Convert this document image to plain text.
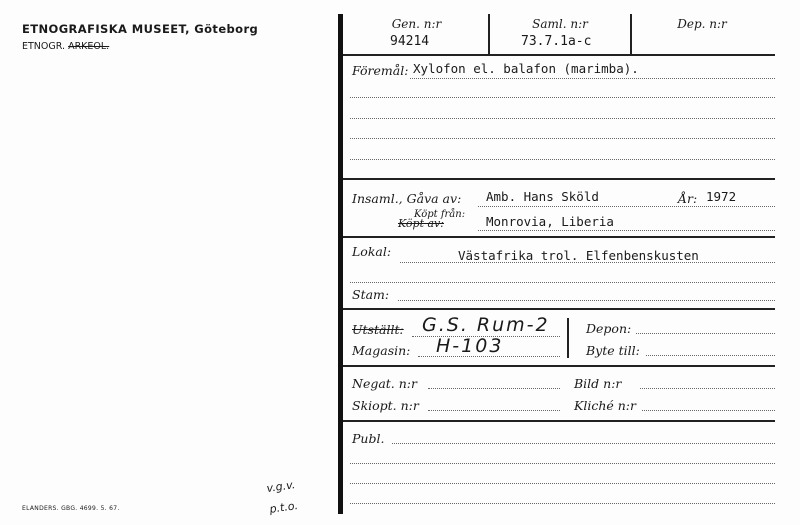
ETNOGRAFISKA MUSEET, Göteborg
ETNOGR. ARKEOL.
ELANDERS. GBG. 4699. 5. 67.
v.g.v.
p.t.o.
Gen. n:r
94214
Saml. n:r
73.7.1a-c
Dep. n:r
Föremål: Xylofon el. balafon (marimba).
Insaml., Gåva av: Amb. Hans Sköld	År: 1972
Köpt från:
Köpt av:	Monrovia, Liberia
Lokal:	Västafrika trol. Elfenbenskusten
Stam:
Utställt: G.S. Rum-2
Magasin: H-103
Depon:
Byte till:
Negat. n:r	Bild n:r
Skiopt. n:r	Kliché n:r
Publ.
